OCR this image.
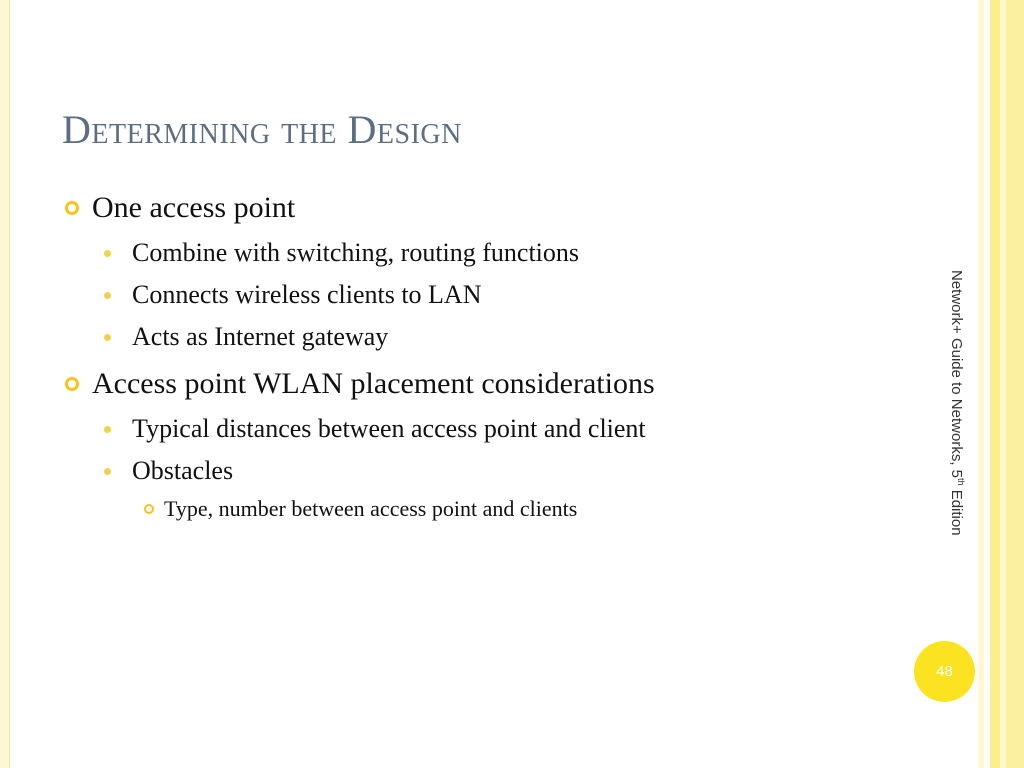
Determining the Design
One access point
Combine with switching, routing functions
Connects wireless clients to LAN
Acts as Internet gateway
Access point WLAN placement considerations
Typical distances between access point and client
Obstacles
Type, number between access point and clients
Network+ Guide to Networks, 5th Edition
48
